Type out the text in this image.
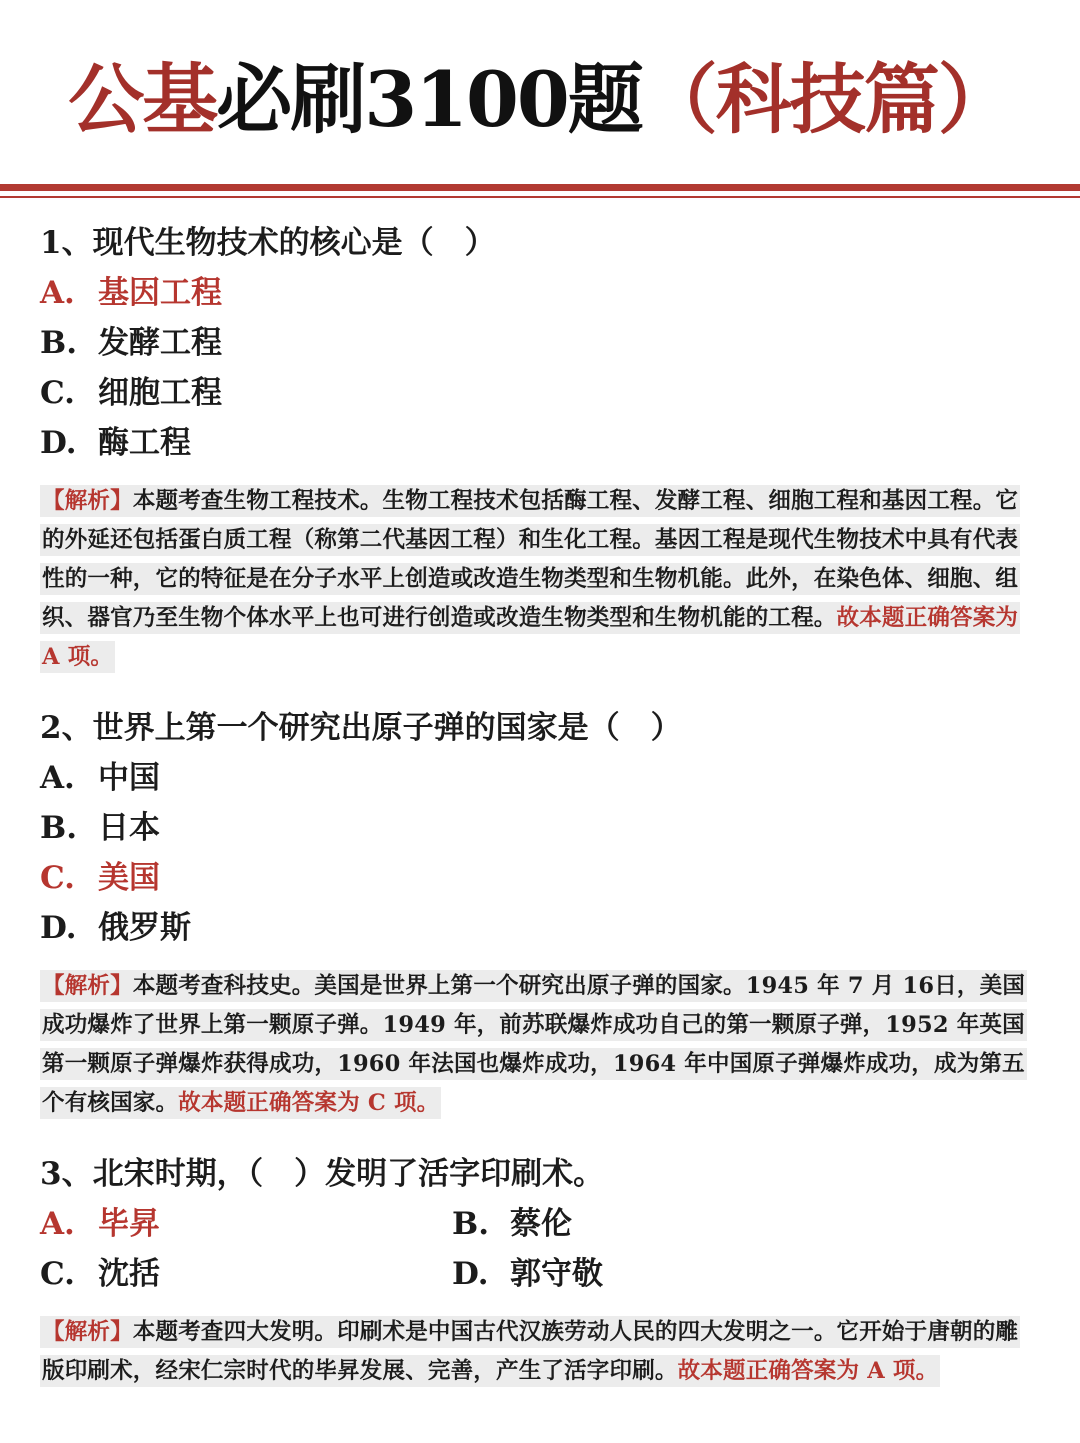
公基必刷3100题（科技篇）
1、现代生物技术的核心是（　）
A. 基因工程
B. 发酵工程
C. 细胞工程
D. 酶工程
【解析】本题考查生物工程技术。生物工程技术包括酶工程、发酵工程、细胞工程和基因工程。它的外延还包括蛋白质工程（称第二代基因工程）和生化工程。基因工程是现代生物技术中具有代表性的一种，它的特征是在分子水平上创造或改造生物类型和生物机能。此外，在染色体、细胞、组织、器官乃至生物个体水平上也可进行创造或改造生物类型和生物机能的工程。故本题正确答案为 A 项。
2、世界上第一个研究出原子弹的国家是（　）
A. 中国
B. 日本
C. 美国
D. 俄罗斯
【解析】本题考查科技史。美国是世界上第一个研究出原子弹的国家。1945 年 7 月 16日，美国成功爆炸了世界上第一颗原子弹。1949 年，前苏联爆炸成功自己的第一颗原子弹，1952 年英国第一颗原子弹爆炸获得成功，1960 年法国也爆炸成功，1964 年中国原子弹爆炸成功，成为第五个有核国家。故本题正确答案为 C 项。
3、北宋时期，（　）发明了活字印刷术。
A. 毕昇	B. 蔡伦
C. 沈括	D. 郭守敬
【解析】本题考查四大发明。印刷术是中国古代汉族劳动人民的四大发明之一。它开始于唐朝的雕版印刷术，经宋仁宗时代的毕昇发展、完善，产生了活字印刷。故本题正确答案为 A 项。
